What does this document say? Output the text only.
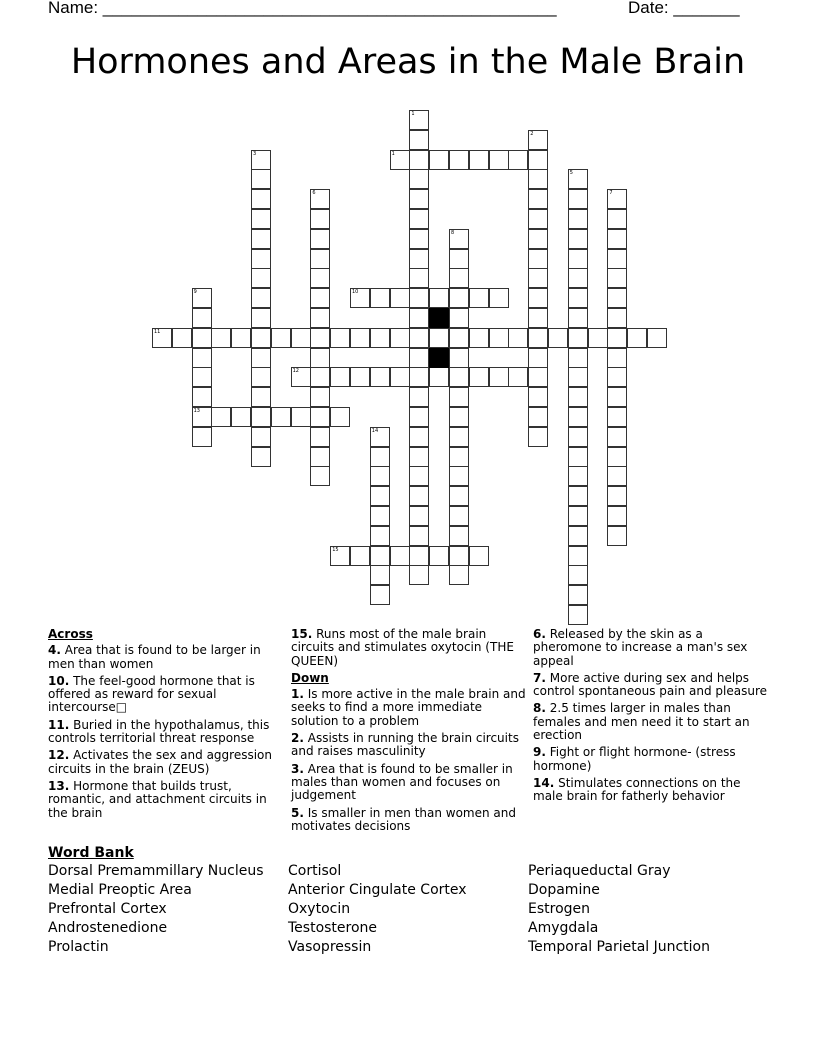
Name: ________________________________________________	Date: _______
Hormones and Areas in the Male Brain
1
10
11
12
13
15
1
2
3
5
6	7
8
9
14
Across
4. Area that is found to be larger in men than women
10. The feel-good hormone that is offered as reward for sexual intercourse□
11. Buried in the hypothalamus, this controls territorial threat response
12. Activates the sex and aggression circuits in the brain (ZEUS)
13. Hormone that builds trust, romantic, and attachment circuits in the brain
15. Runs most of the male brain circuits and stimulates oxytocin (THE QUEEN)
Down
1. Is more active in the male brain and seeks to find a more immediate solution to a problem
2. Assists in running the brain circuits and raises masculinity
3. Area that is found to be smaller in males than women and focuses on judgement
5. Is smaller in men than women and motivates decisions
6. Released by the skin as a pheromone to increase a man's sex appeal
7. More active during sex and helps control spontaneous pain and pleasure
8. 2.5 times larger in males than females and men need it to start an erection
9. Fight or flight hormone- (stress hormone)
14. Stimulates connections on the male brain for fatherly behavior
Word Bank
Dorsal Premammillary Nucleus
Medial Preoptic Area
Prefrontal Cortex
Androstenedione
Prolactin
Cortisol
Anterior Cingulate Cortex
Oxytocin
Testosterone
Vasopressin
Periaqueductal Gray
Dopamine
Estrogen
Amygdala
Temporal Parietal Junction
